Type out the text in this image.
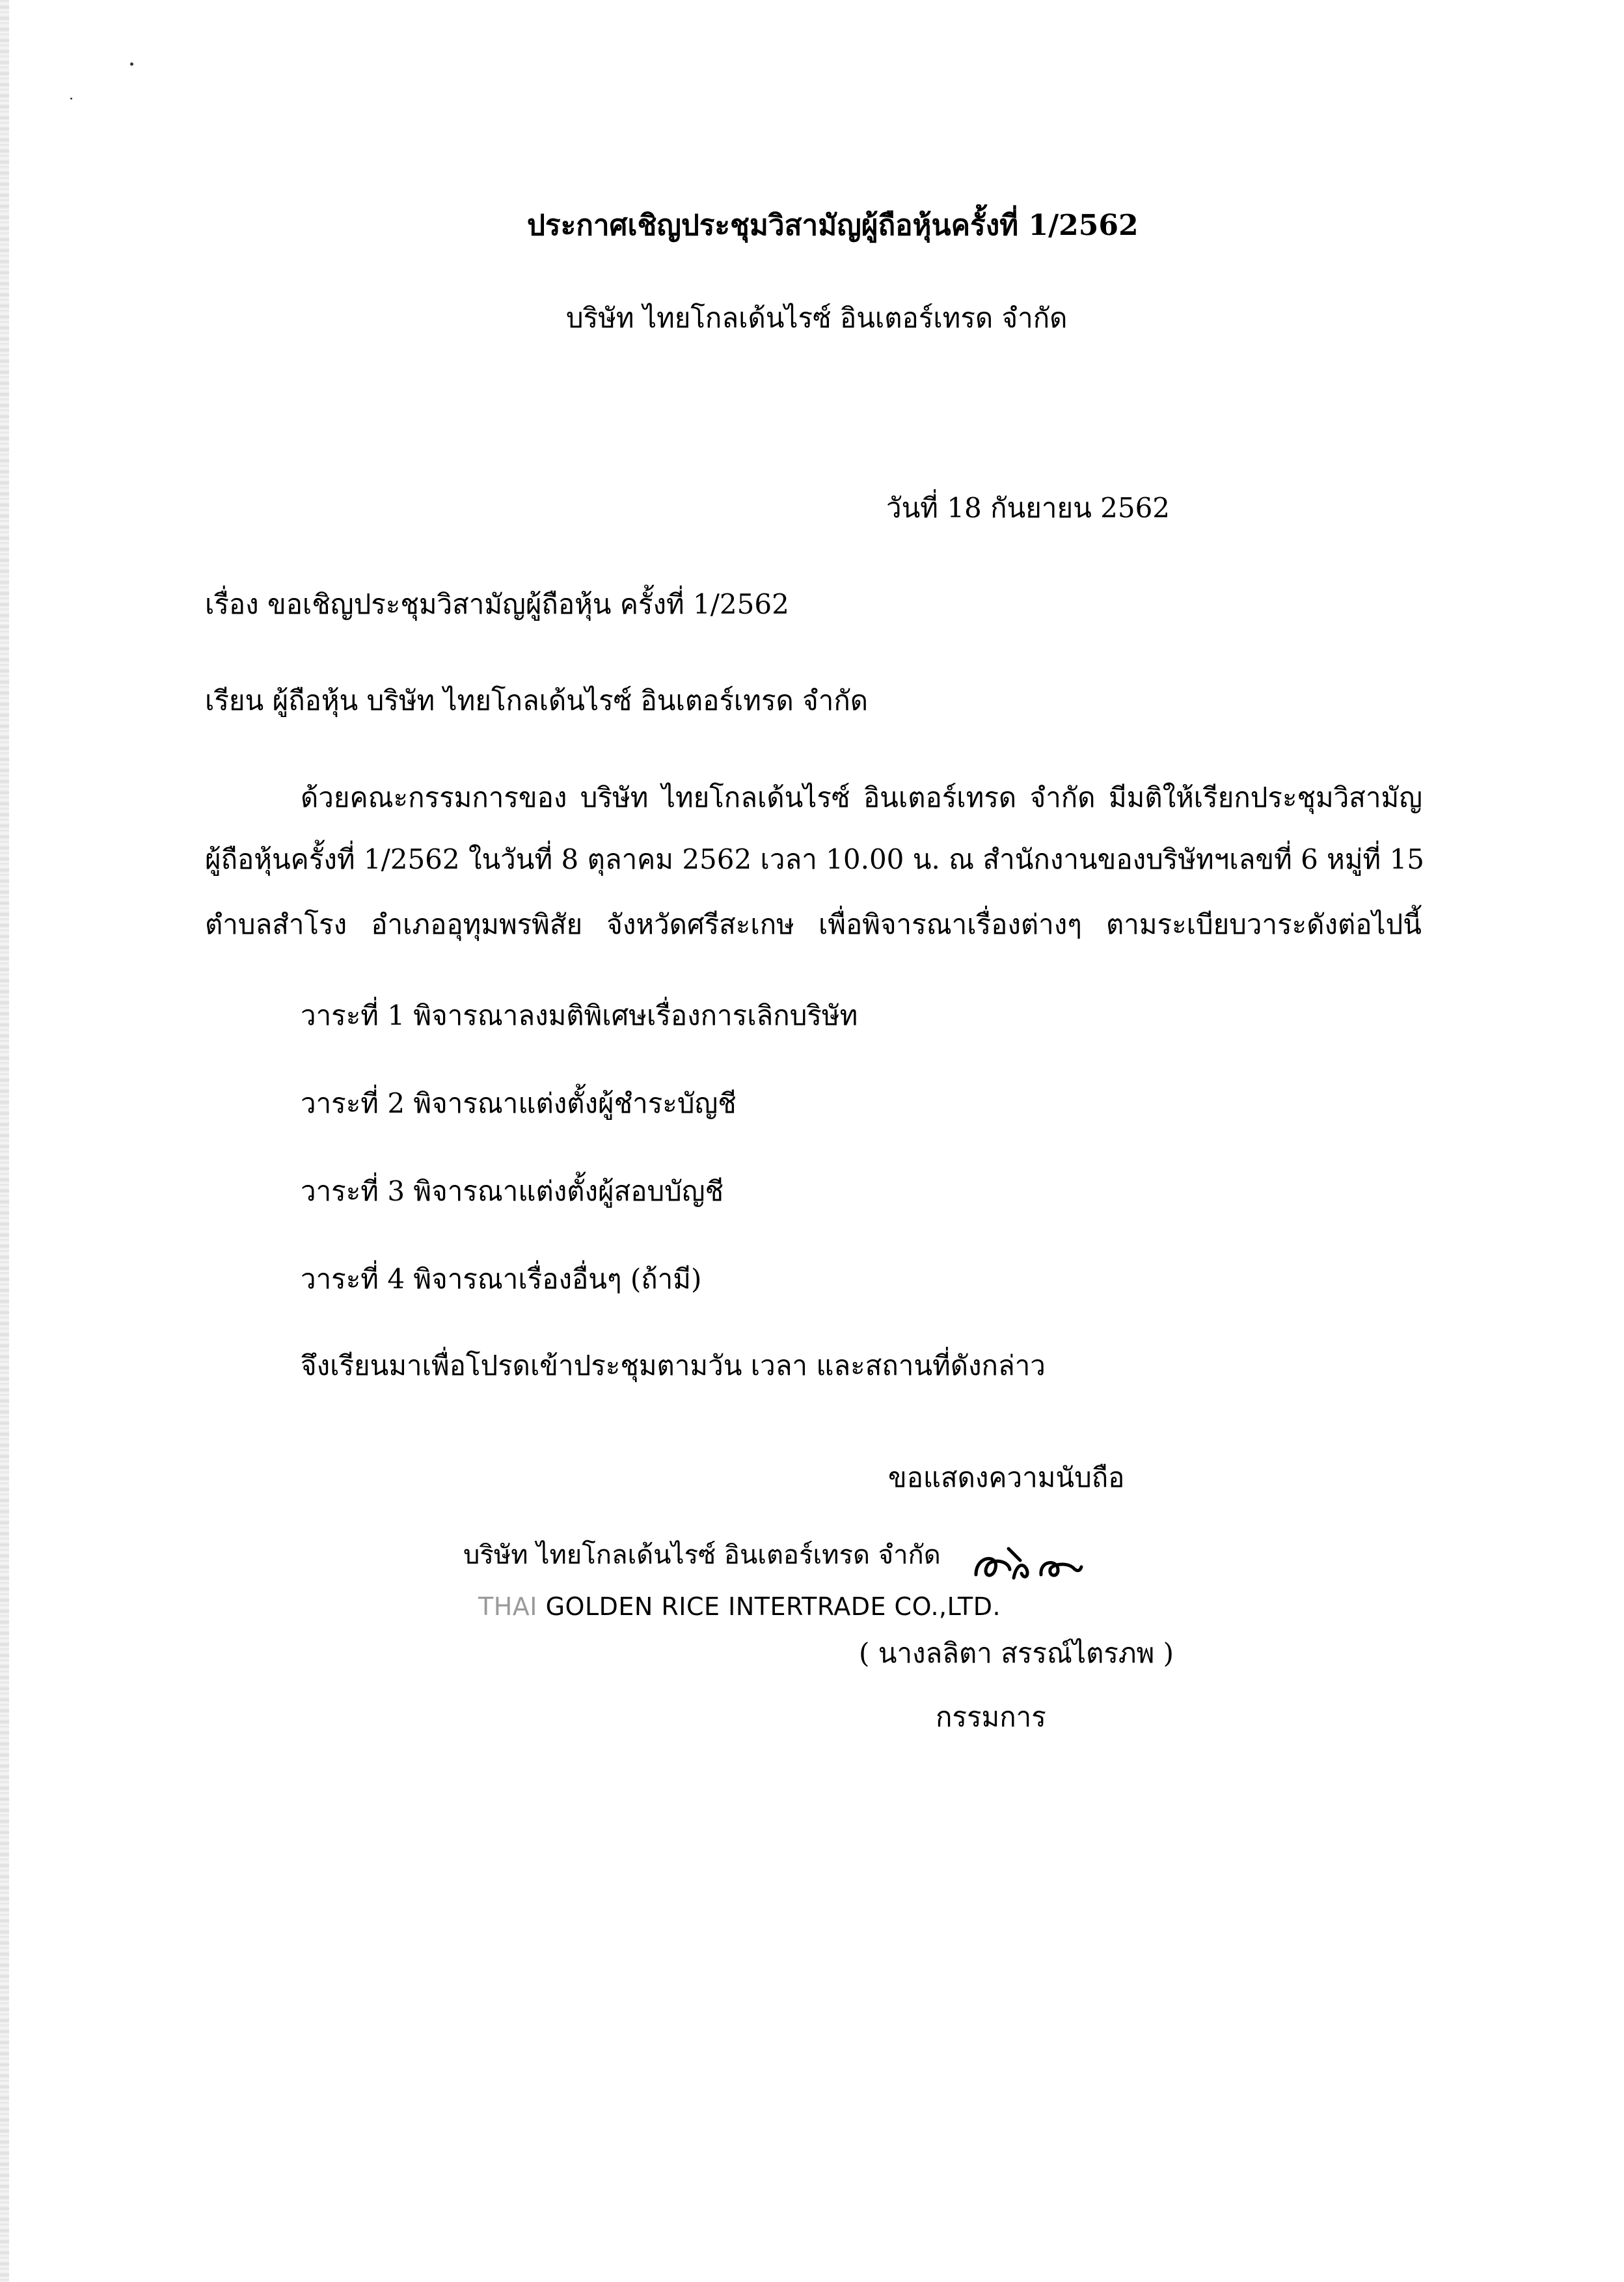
ประกาศเชิญประชุมวิสามัญผู้ถือหุ้นครั้งที่ 1/2562
บริษัท ไทยโกลเด้นไรซ์ อินเตอร์เทรด จำกัด
วันที่ 18 กันยายน 2562
เรื่อง ขอเชิญประชุมวิสามัญผู้ถือหุ้น ครั้งที่ 1/2562
เรียน ผู้ถือหุ้น บริษัท ไทยโกลเด้นไรซ์ อินเตอร์เทรด จำกัด
ด้วยคณะกรรมการของ บริษัท ไทยโกลเด้นไรซ์ อินเตอร์เทรด จำกัด มีมติให้เรียกประชุมวิสามัญ
ผู้ถือหุ้นครั้งที่ 1/2562 ในวันที่ 8 ตุลาคม 2562 เวลา 10.00 น. ณ สำนักงานของบริษัทฯเลขที่ 6 หมู่ที่ 15
ตำบลสำโรง อำเภออุทุมพรพิสัย จังหวัดศรีสะเกษ เพื่อพิจารณาเรื่องต่างๆ ตามระเบียบวาระดังต่อไปนี้
วาระที่ 1 พิจารณาลงมติพิเศษเรื่องการเลิกบริษัท
วาระที่ 2 พิจารณาแต่งตั้งผู้ชำระบัญชี
วาระที่ 3 พิจารณาแต่งตั้งผู้สอบบัญชี
วาระที่ 4 พิจารณาเรื่องอื่นๆ (ถ้ามี)
จึงเรียนมาเพื่อโปรดเข้าประชุมตามวัน เวลา และสถานที่ดังกล่าว
ขอแสดงความนับถือ
บริษัท ไทยโกลเด้นไรซ์ อินเตอร์เทรด จำกัด
THAI GOLDEN RICE INTERTRADE CO.,LTD.
( นางลลิตา สรรณ์ไตรภพ )
กรรมการ
